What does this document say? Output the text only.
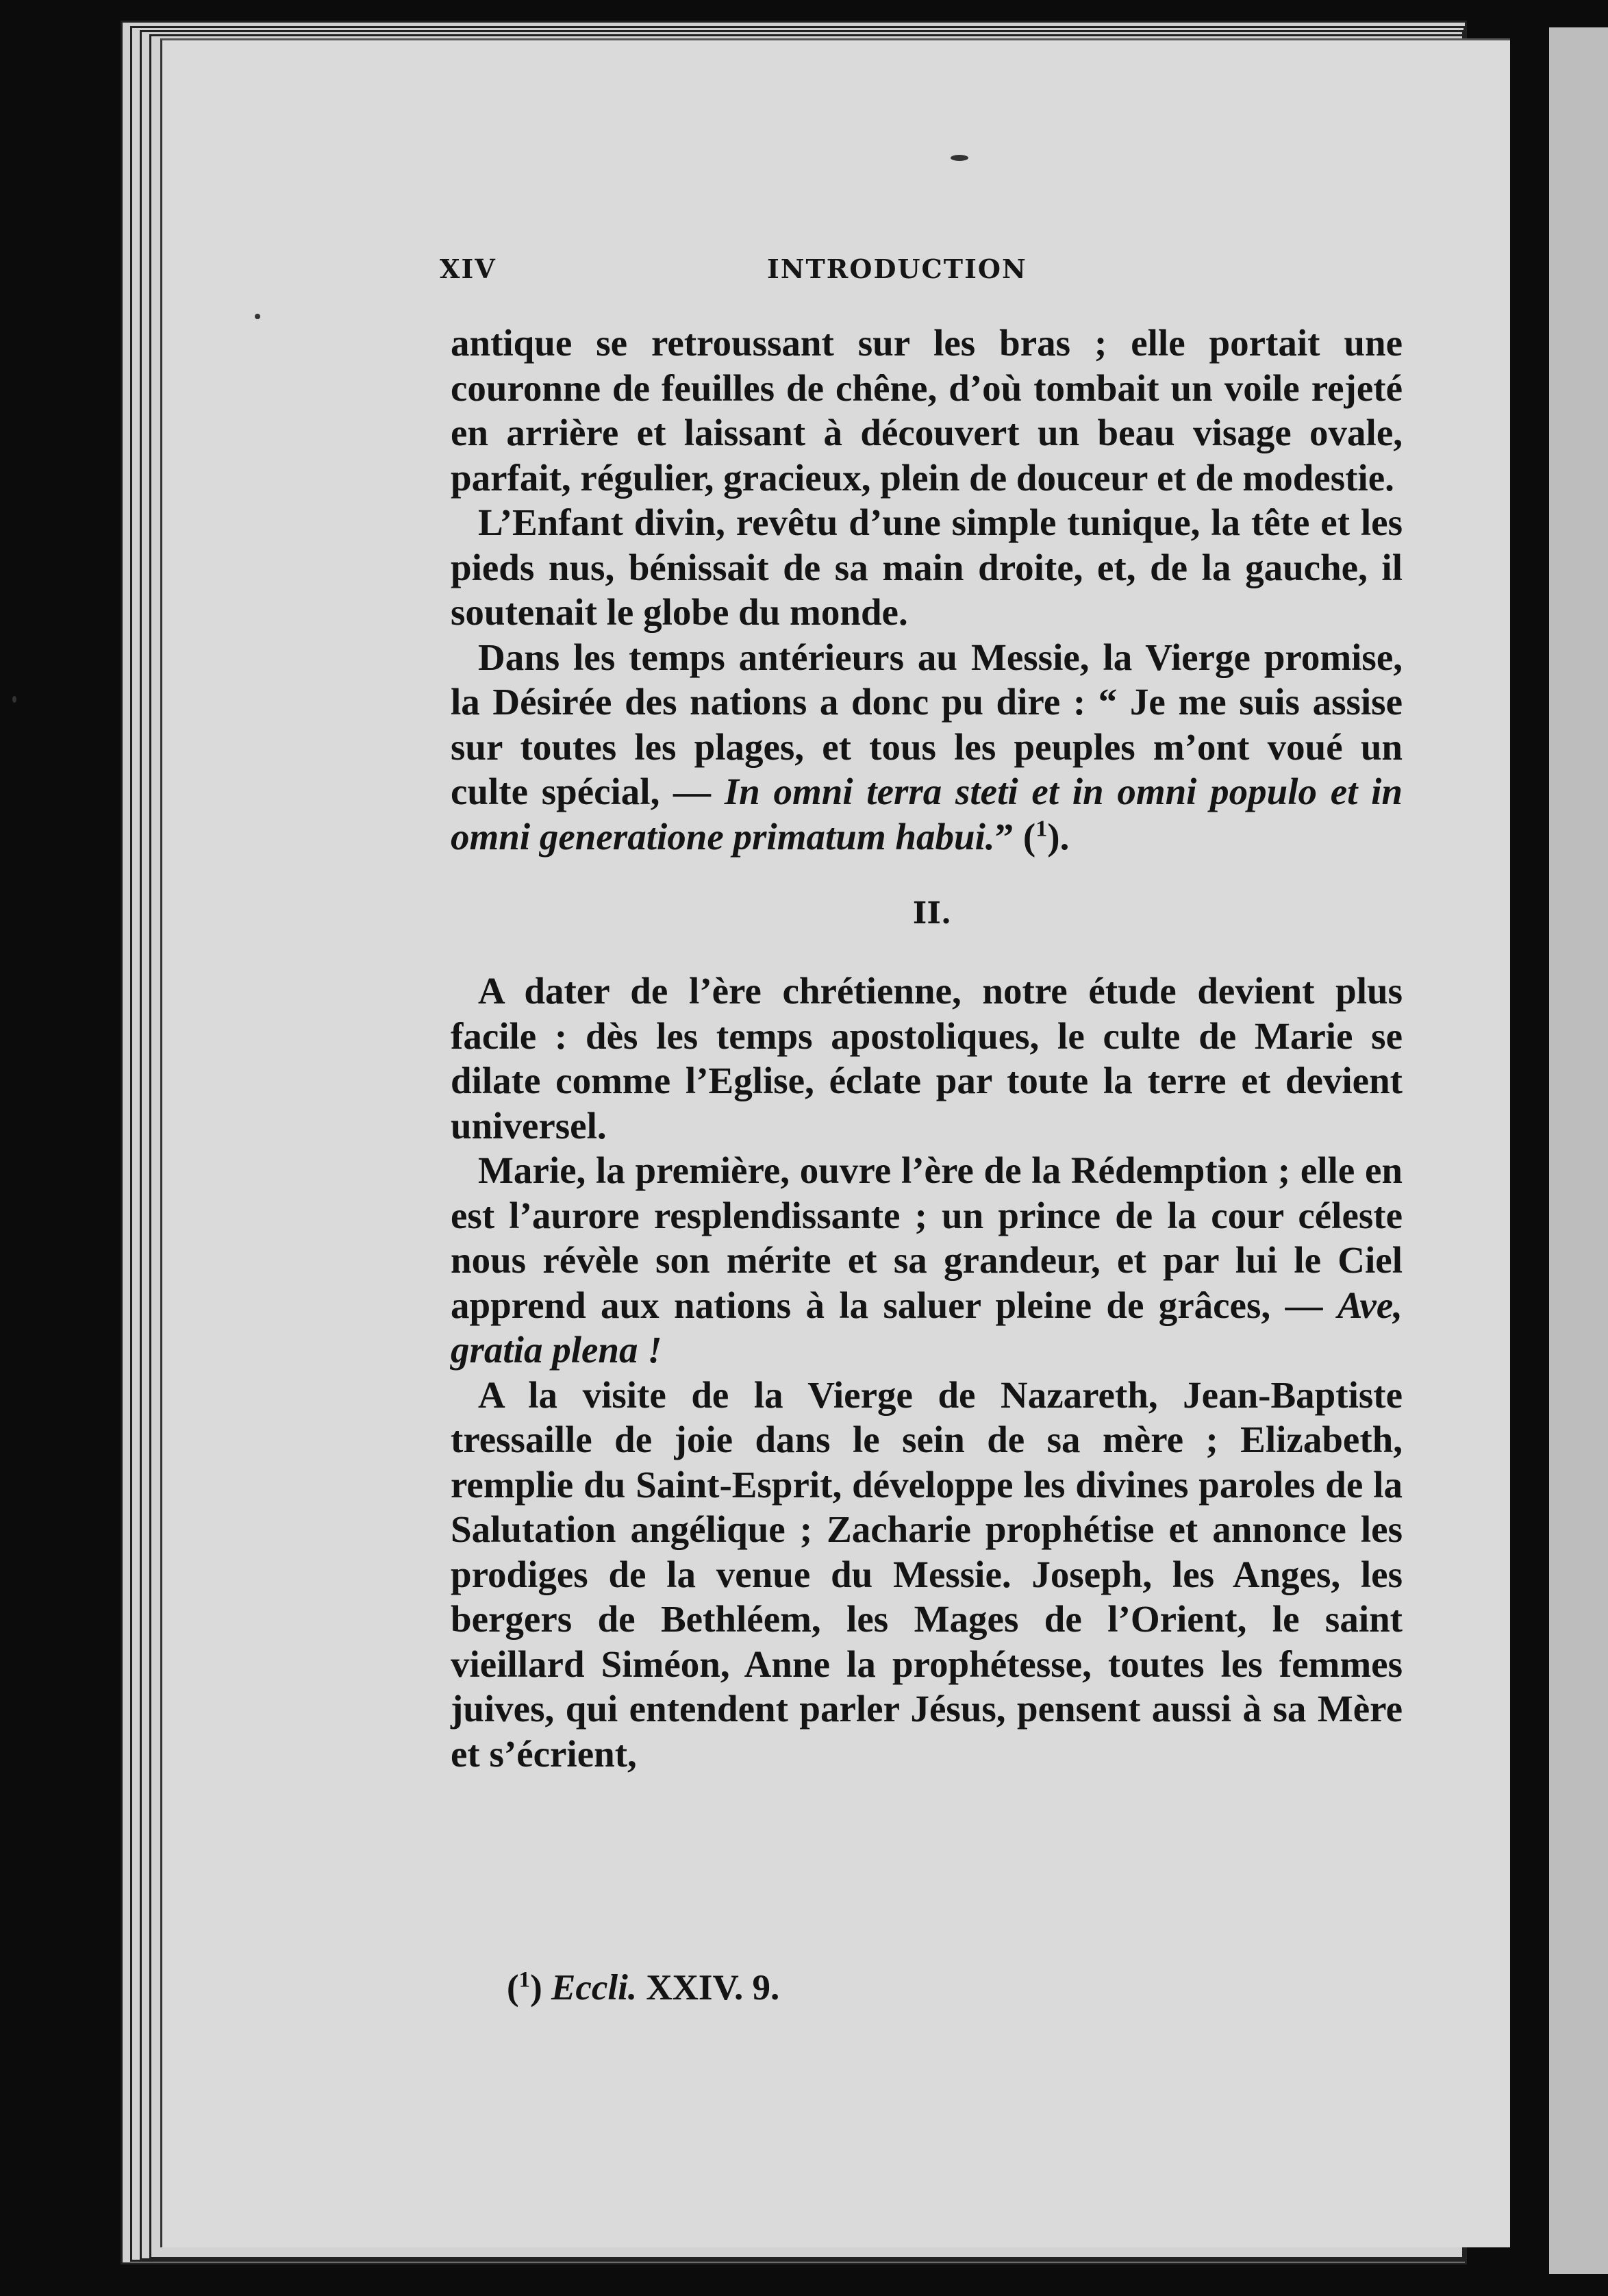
XIV	INTRODUCTION

antique se retroussant sur les bras ; elle portait une couronne de feuilles de chêne, d’où tombait un voile rejeté en arrière et laissant à découvert un beau visage ovale, parfait, régulier, gracieux, plein de douceur et de modestie.

L’Enfant divin, revêtu d’une simple tunique, la tête et les pieds nus, bénissait de sa main droite, et, de la gauche, il soutenait le globe du monde.

Dans les temps antérieurs au Messie, la Vierge promise, la Désirée des nations a donc pu dire : “ Je me suis assise sur toutes les plages, et tous les peuples m’ont voué un culte spécial, — In omni terra steti et in omni populo et in omni generatione primatum habui.” ($^1$).

II.

A dater de l’ère chrétienne, notre étude devient plus facile : dès les temps apostoliques, le culte de Marie se dilate comme l’Eglise, éclate par toute la terre et devient universel.

Marie, la première, ouvre l’ère de la Rédemption ; elle en est l’aurore resplendissante ; un prince de la cour céleste nous révèle son mérite et sa grandeur, et par lui le Ciel apprend aux nations à la saluer pleine de grâces, — Ave, gratia plena !

A la visite de la Vierge de Nazareth, Jean-Baptiste tressaille de joie dans le sein de sa mère ; Elizabeth, remplie du Saint-Esprit, développe les divines paroles de la Salutation angélique ; Zacharie prophétise et annonce les prodiges de la venue du Messie. Joseph, les Anges, les bergers de Bethléem, les Mages de l’Orient, le saint vieillard Siméon, Anne la prophétesse, toutes les femmes juives, qui entendent parler Jésus, pensent aussi à sa Mère et s’écrient,

($^1$) Eccli. XXIV. 9.
